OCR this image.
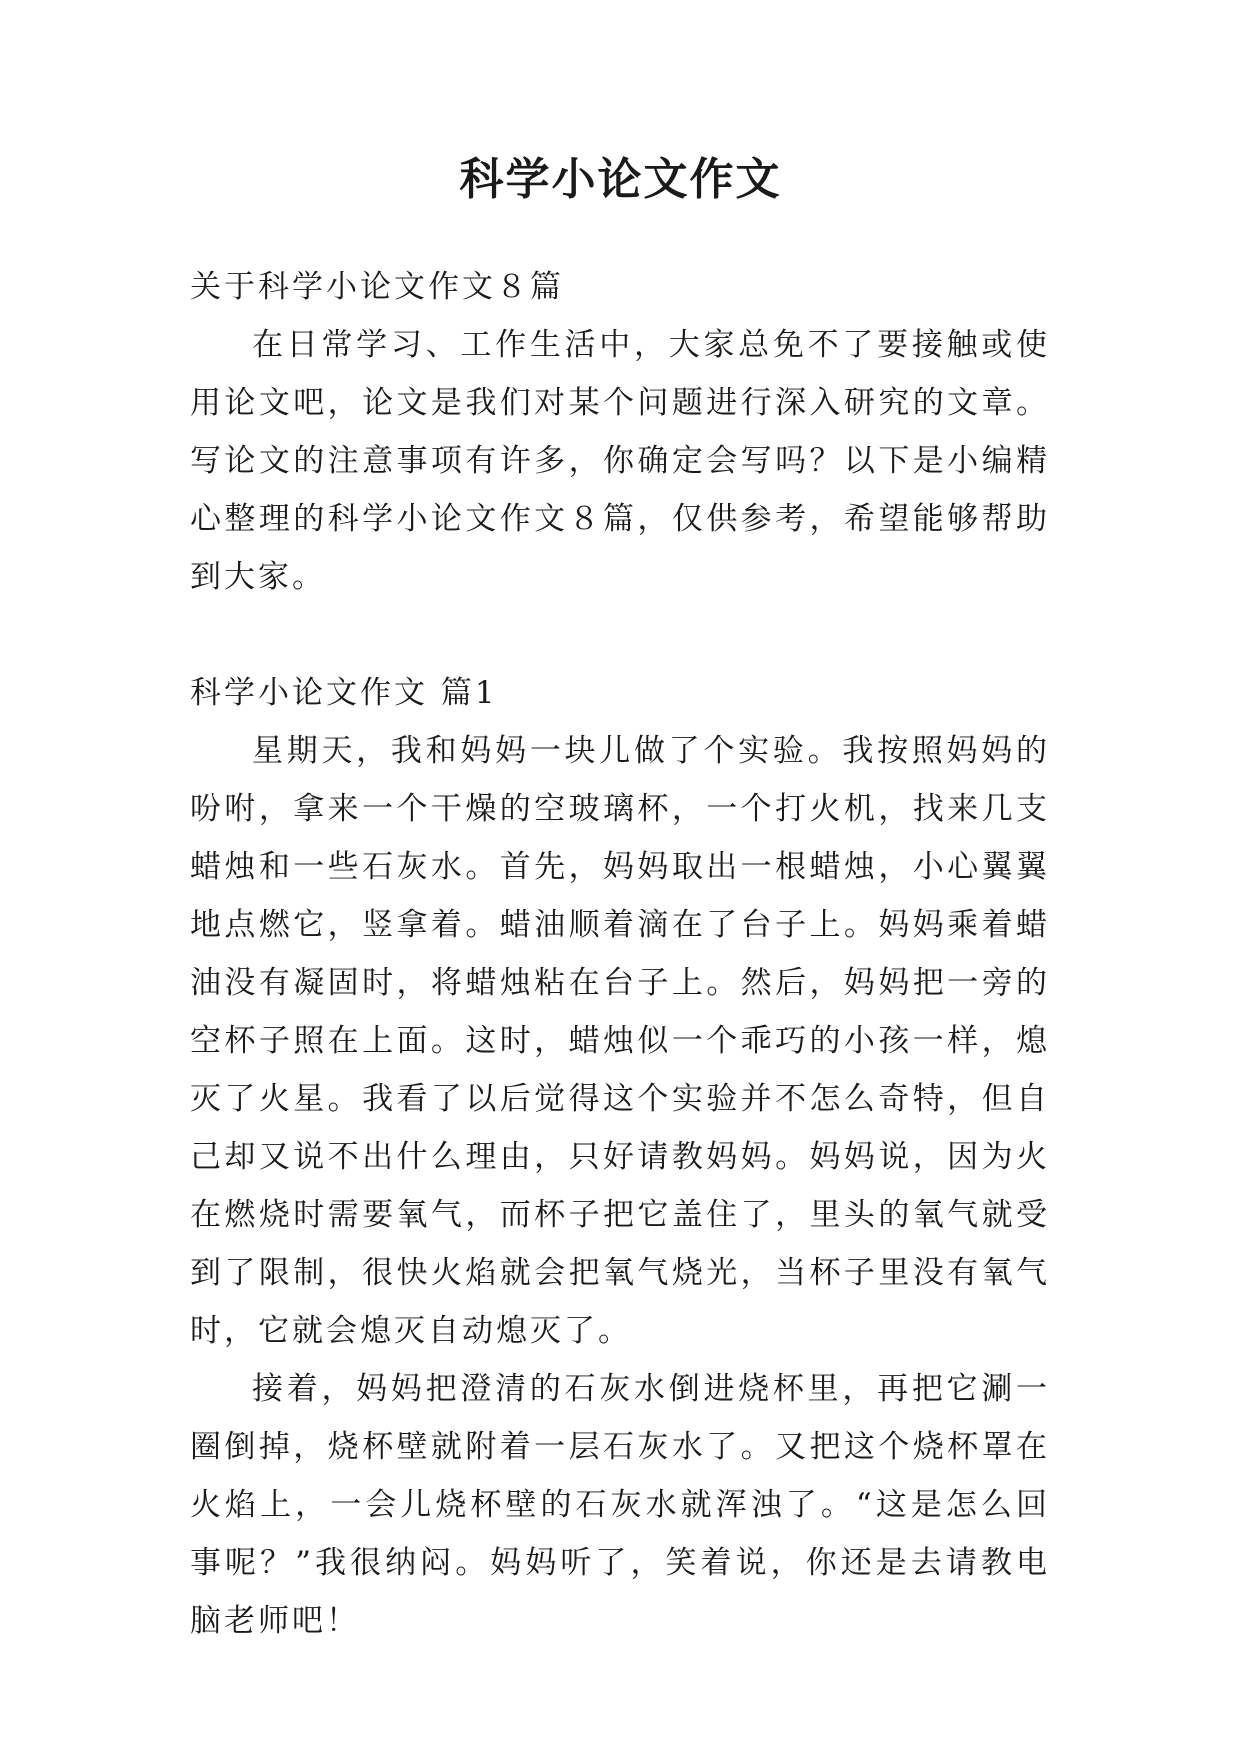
科学小论文作文

关于科学小论文作文８篇

在日常学习、工作生活中，大家总免不了要接触或使用论文吧，论文是我们对某个问题进行深入研究的文章。写论文的注意事项有许多，你确定会写吗？以下是小编精心整理的科学小论文作文８篇，仅供参考，希望能够帮助到大家。

科学小论文作文 篇1

星期天，我和妈妈一块儿做了个实验。我按照妈妈的吩咐，拿来一个干燥的空玻璃杯，一个打火机，找来几支蜡烛和一些石灰水。首先，妈妈取出一根蜡烛，小心翼翼地点燃它，竖拿着。蜡油顺着滴在了台子上。妈妈乘着蜡油没有凝固时，将蜡烛粘在台子上。然后，妈妈把一旁的空杯子照在上面。这时，蜡烛似一个乖巧的小孩一样，熄灭了火星。我看了以后觉得这个实验并不怎么奇特，但自己却又说不出什么理由，只好请教妈妈。妈妈说，因为火在燃烧时需要氧气，而杯子把它盖住了，里头的氧气就受到了限制，很快火焰就会把氧气烧光，当杯子里没有氧气时，它就会熄灭自动熄灭了。

接着，妈妈把澄清的石灰水倒进烧杯里，再把它涮一圈倒掉，烧杯壁就附着一层石灰水了。又把这个烧杯罩在火焰上，一会儿烧杯壁的石灰水就浑浊了。“这是怎么回事呢？”我很纳闷。妈妈听了，笑着说，你还是去请教电脑老师吧！
